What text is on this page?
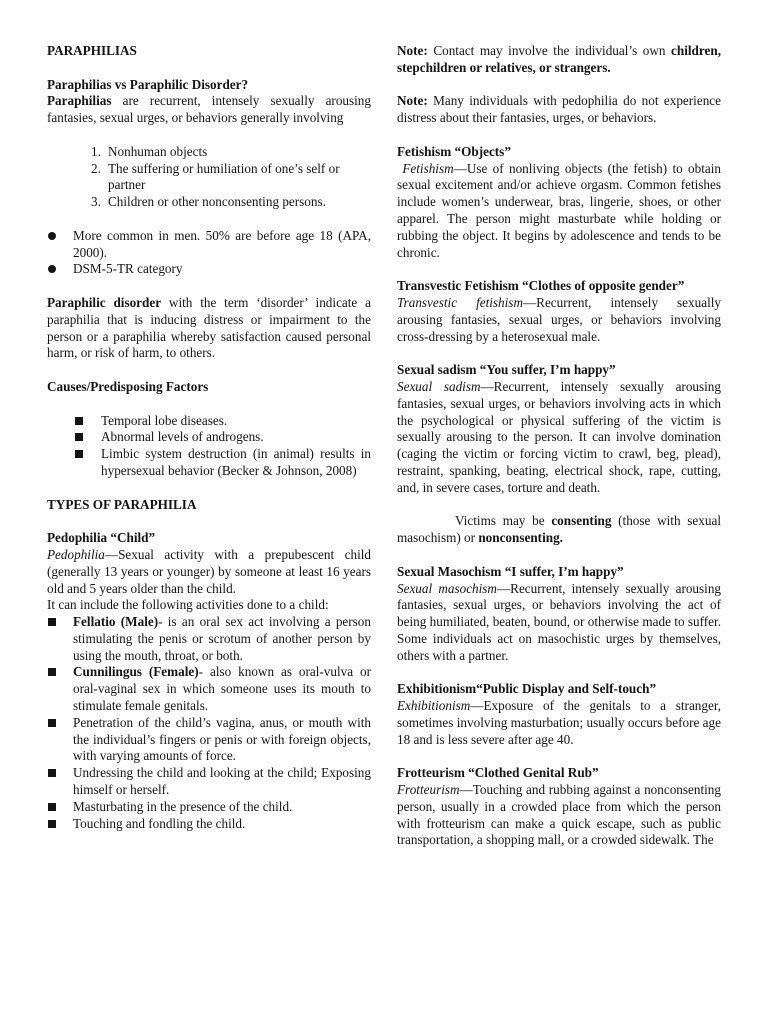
PARAPHILIAS

Paraphilias vs Paraphilic Disorder?

Paraphilias are recurrent, intensely sexually arousing fantasies, sexual urges, or behaviors generally involving

1. Nonhuman objects
2. The suffering or humiliation of one’s self or partner
3. Children or other nonconsenting persons.
More common in men. 50% are before age 18 (APA, 2000).
DSM-5-TR category

Paraphilic disorder with the term ‘disorder’ indicate a paraphilia that is inducing distress or impairment to the person or a paraphilia whereby satisfaction caused personal harm, or risk of harm, to others.

Causes/Predisposing Factors

Temporal lobe diseases.
Abnormal levels of androgens.
Limbic system destruction (in animal) results in hypersexual behavior (Becker & Johnson, 2008)

TYPES OF PARAPHILIA

Pedophilia “Child”

Pedophilia—Sexual activity with a prepubescent child (generally 13 years or younger) by someone at least 16 years old and 5 years older than the child.

It can include the following activities done to a child:

Fellatio (Male)- is an oral sex act involving a person stimulating the penis or scrotum of another person by using the mouth, throat, or both.
Cunnilingus (Female)- also known as oral-vulva or oral-vaginal sex in which someone uses its mouth to stimulate female genitals.
Penetration of the child’s vagina, anus, or mouth with the individual’s fingers or penis or with foreign objects, with varying amounts of force.
Undressing the child and looking at the child; Exposing himself or herself.
Masturbating in the presence of the child.
Touching and fondling the child.

Note: Contact may involve the individual’s own children, stepchildren or relatives, or strangers.

Note: Many individuals with pedophilia do not experience distress about their fantasies, urges, or behaviors.

Fetishism “Objects”

Fetishism—Use of nonliving objects (the fetish) to obtain sexual excitement and/or achieve orgasm. Common fetishes include women’s underwear, bras, lingerie, shoes, or other apparel. The person might masturbate while holding or rubbing the object. It begins by adolescence and tends to be chronic.

Transvestic Fetishism “Clothes of opposite gender”

Transvestic fetishism—Recurrent, intensely sexually arousing fantasies, sexual urges, or behaviors involving cross-dressing by a heterosexual male.

Sexual sadism “You suffer, I’m happy”

Sexual sadism—Recurrent, intensely sexually arousing fantasies, sexual urges, or behaviors involving acts in which the psychological or physical suffering of the victim is sexually arousing to the person. It can involve domination (caging the victim or forcing victim to crawl, beg, plead), restraint, spanking, beating, electrical shock, rape, cutting, and, in severe cases, torture and death.

Victims may be consenting (those with sexual masochism) or nonconsenting.

Sexual Masochism “I suffer, I’m happy”

Sexual masochism—Recurrent, intensely sexually arousing fantasies, sexual urges, or behaviors involving the act of being humiliated, beaten, bound, or otherwise made to suffer. Some individuals act on masochistic urges by themselves, others with a partner.

Exhibitionism“Public Display and Self-touch”

Exhibitionism—Exposure of the genitals to a stranger, sometimes involving masturbation; usually occurs before age 18 and is less severe after age 40.

Frotteurism “Clothed Genital Rub”

Frotteurism—Touching and rubbing against a nonconsenting person, usually in a crowded place from which the person with frotteurism can make a quick escape, such as public transportation, a shopping mall, or a crowded sidewalk. The
